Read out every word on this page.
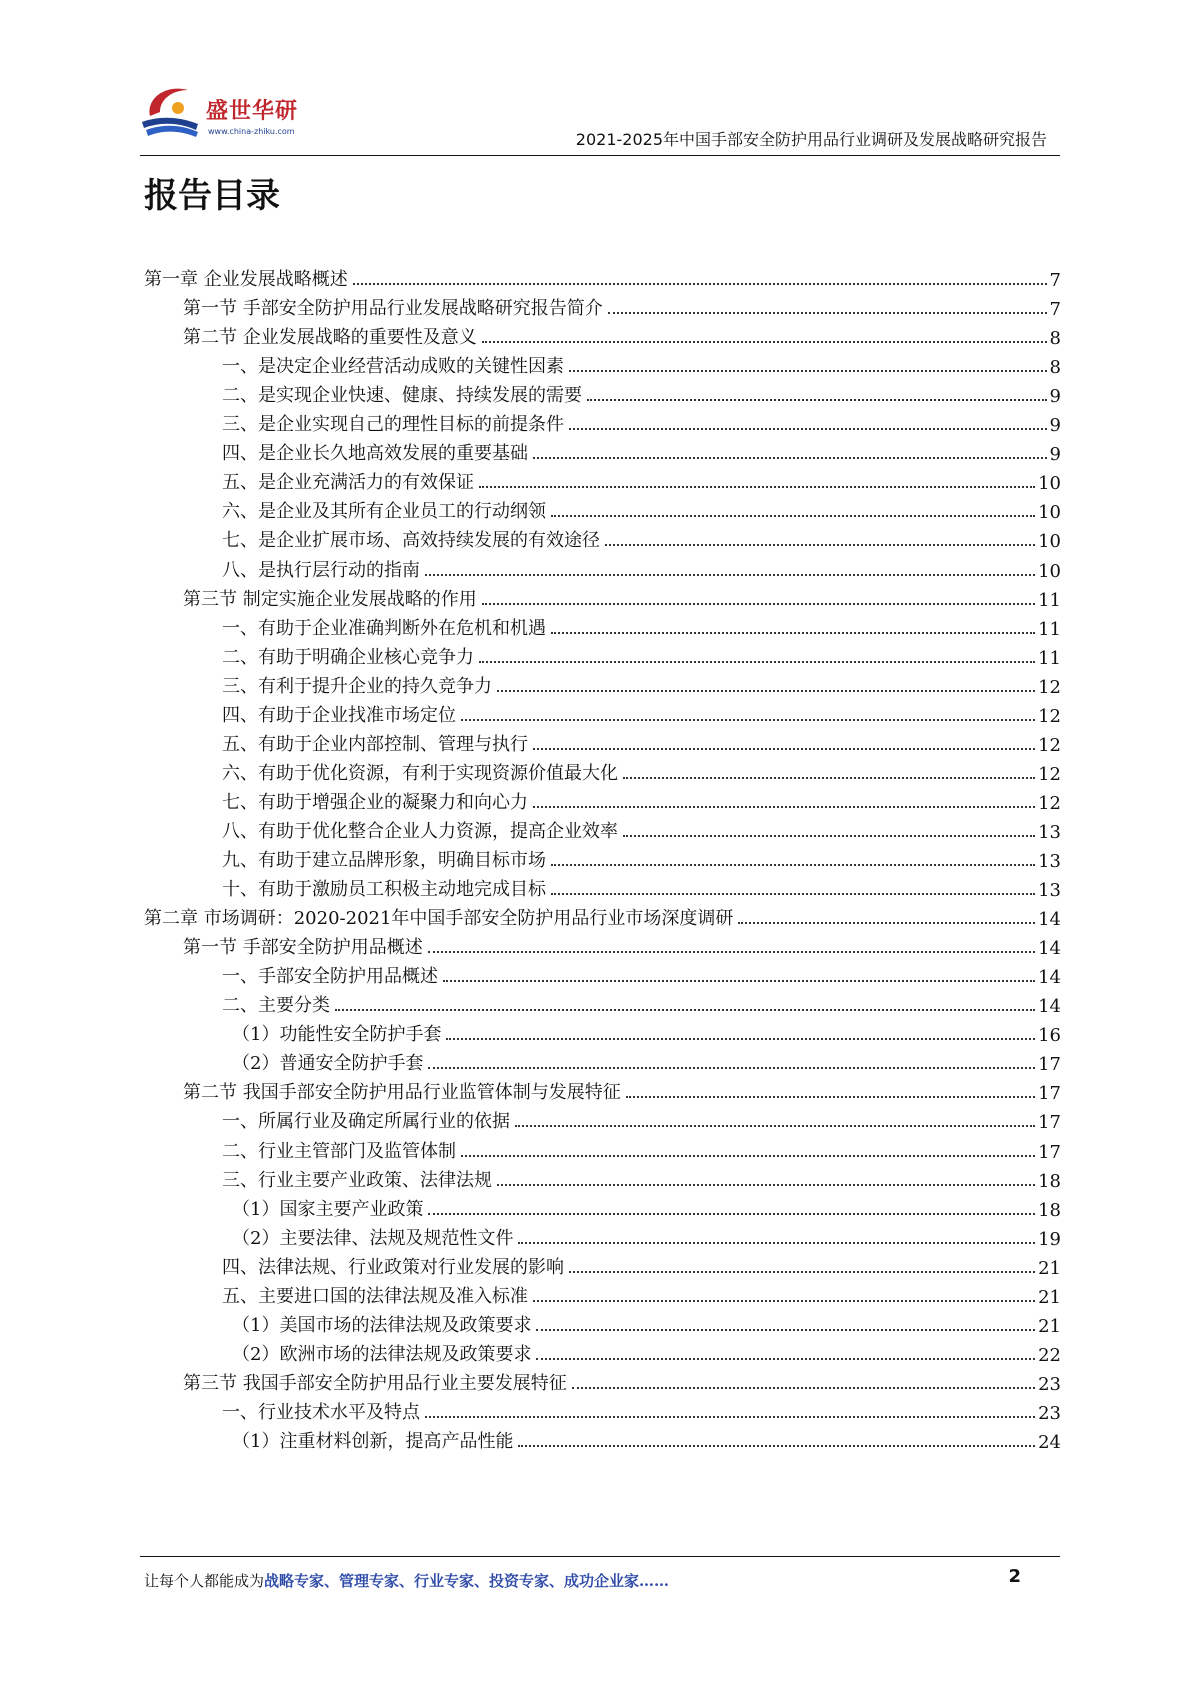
盛世华研
www.china-zhiku.com	2021-2025年中国手部安全防护用品行业调研及发展战略研究报告
报告目录
第一章 企业发展战略概述	7
第一节 手部安全防护用品行业发展战略研究报告简介	7
第二节 企业发展战略的重要性及意义	8
一、是决定企业经营活动成败的关键性因素	8
二、是实现企业快速、健康、持续发展的需要	9
三、是企业实现自己的理性目标的前提条件	9
四、是企业长久地高效发展的重要基础	9
五、是企业充满活力的有效保证	10
六、是企业及其所有企业员工的行动纲领	10
七、是企业扩展市场、高效持续发展的有效途径	10
八、是执行层行动的指南	10
第三节 制定实施企业发展战略的作用	11
一、有助于企业准确判断外在危机和机遇	11
二、有助于明确企业核心竞争力	11
三、有利于提升企业的持久竞争力	12
四、有助于企业找准市场定位	12
五、有助于企业内部控制、管理与执行	12
六、有助于优化资源，有利于实现资源价值最大化	12
七、有助于增强企业的凝聚力和向心力	12
八、有助于优化整合企业人力资源，提高企业效率	13
九、有助于建立品牌形象，明确目标市场	13
十、有助于激励员工积极主动地完成目标	13
第二章 市场调研：2020-2021年中国手部安全防护用品行业市场深度调研	14
第一节 手部安全防护用品概述	14
一、手部安全防护用品概述	14
二、主要分类	14
（1）功能性安全防护手套	16
（2）普通安全防护手套	17
第二节 我国手部安全防护用品行业监管体制与发展特征	17
一、所属行业及确定所属行业的依据	17
二、行业主管部门及监管体制	17
三、行业主要产业政策、法律法规	18
（1）国家主要产业政策	18
（2）主要法律、法规及规范性文件	19
四、法律法规、行业政策对行业发展的影响	21
五、主要进口国的法律法规及准入标准	21
（1）美国市场的法律法规及政策要求	21
（2）欧洲市场的法律法规及政策要求	22
第三节 我国手部安全防护用品行业主要发展特征	23
一、行业技术水平及特点	23
（1）注重材料创新，提高产品性能	24
让每个人都能成为战略专家、管理专家、行业专家、投资专家、成功企业家……	2
